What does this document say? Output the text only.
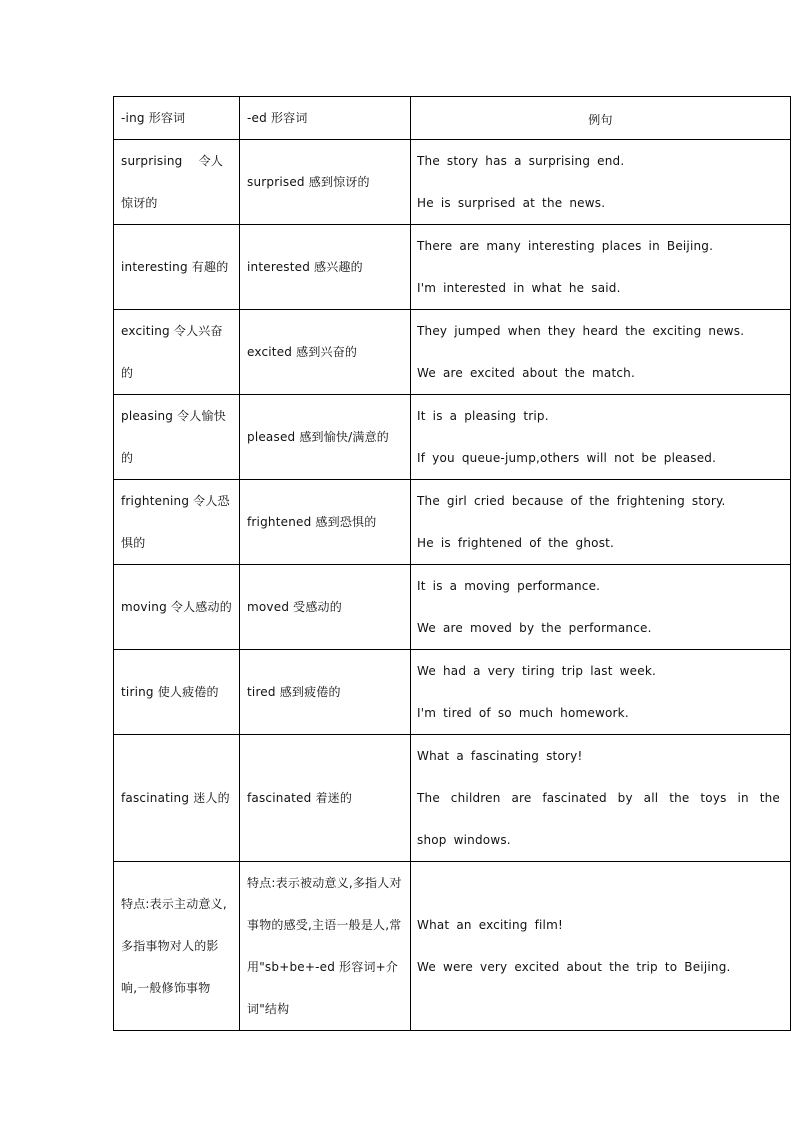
-ing 形容词	-ed 形容词	例句

surprising　 令人惊讶的	surprised 感到惊讶的	The story has a surprising end.
He is surprised at the news.

interesting 有趣的	interested 感兴趣的	There are many interesting places in Beijing.
I'm interested in what he said.

exciting 令人兴奋的	excited 感到兴奋的	They jumped when they heard the exciting news.
We are excited about the match.

pleasing 令人愉快的	pleased 感到愉快/满意的	It is a pleasing trip.
If you queue-jump,others will not be pleased.

frightening 令人恐惧的	frightened 感到恐惧的	The girl cried because of the frightening story.
He is frightened of the ghost.

moving 令人感动的	moved 受感动的	It is a moving performance.
We are moved by the performance.

tiring 使人疲倦的	tired 感到疲倦的	We had a very tiring trip last week.
I'm tired of so much homework.

fascinating 迷人的	fascinated 着迷的	What a fascinating story!
The children are fascinated by all the toys in the shop windows.

特点:表示主动意义,多指事物对人的影响,一般修饰事物	特点:表示被动意义,多指人对事物的感受,主语一般是人,常用"sb+be+-ed 形容词+介词"结构	What an exciting film!
We were very excited about the trip to Beijing.
